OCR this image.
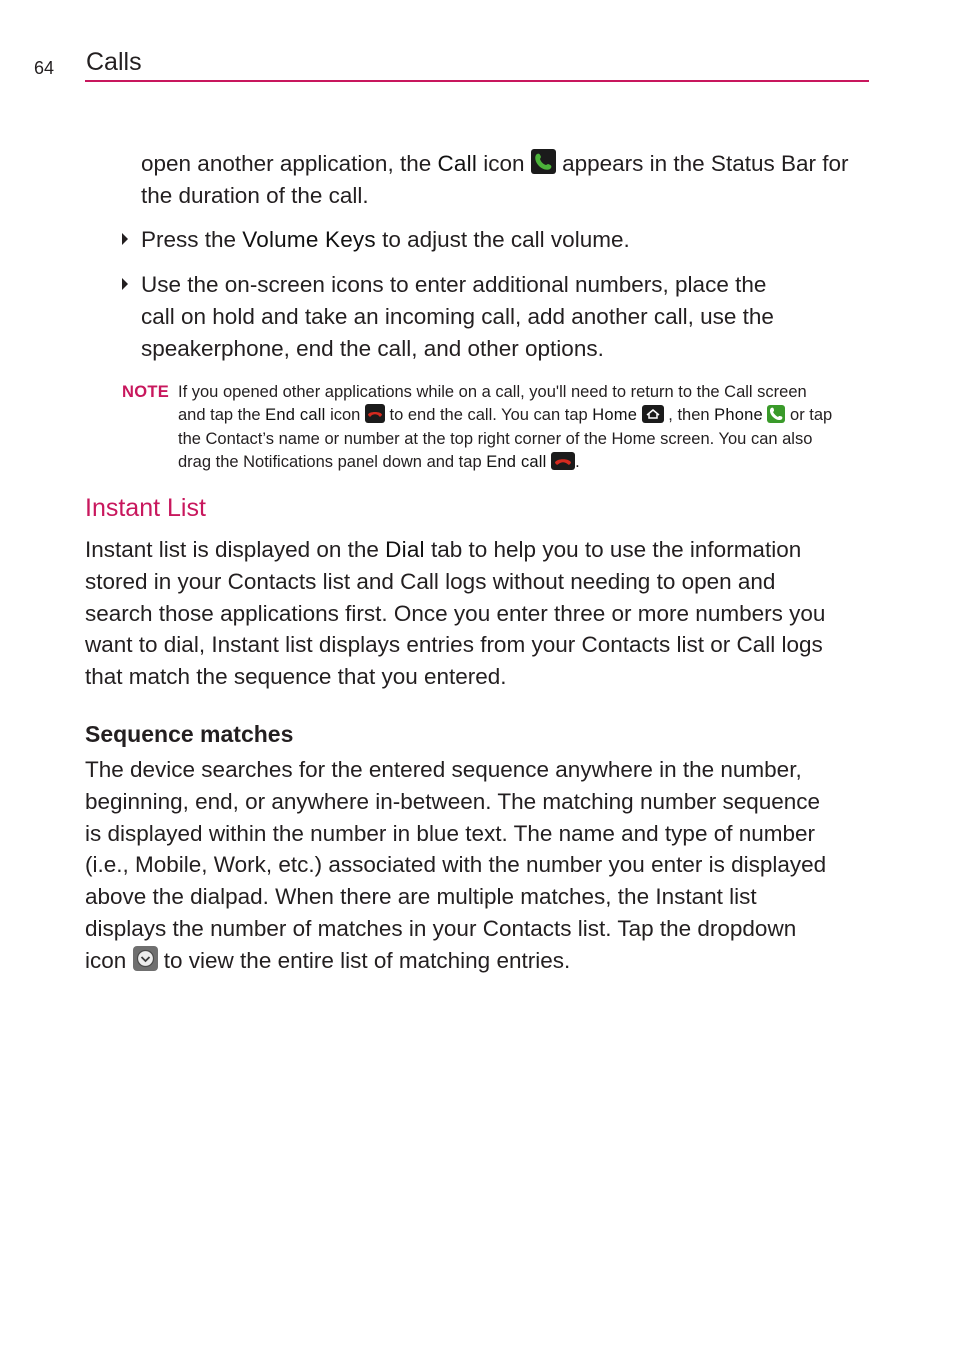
64 Calls
open another application, the Call icon
appears in the Status Bar for
the duration of the call.
Press the Volume Keys to adjust the call volume.
Use the on-screen icons to enter additional numbers, place the
call on hold and take an incoming call, add another call, use the
speakerphone, end the call, and other options.
NOTE If you opened other applications while on a call, you'll need to return to the Call screen
and tap the End call icon
to end the call. You can tap Home
, then Phone
or tap
the Contact’s name or number at the top right corner of the Home screen. You can also
drag the Notifications panel down and tap End call .
Instant List
Instant list is displayed on the Dial tab to help you to use the information
stored in your Contacts list and Call logs without needing to open and
search those applications first. Once you enter three or more numbers you
want to dial, Instant list displays entries from your Contacts list or Call logs
that match the sequence that you entered.
Sequence matches
The device searches for the entered sequence anywhere in the number,
beginning, end, or anywhere in-between. The matching number sequence
is displayed within the number in blue text. The name and type of number
(i.e., Mobile, Work, etc.) associated with the number you enter is displayed
above the dialpad. When there are multiple matches, the Instant list
displays the number of matches in your Contacts list. Tap the dropdown
icon
to view the entire list of matching entries.
